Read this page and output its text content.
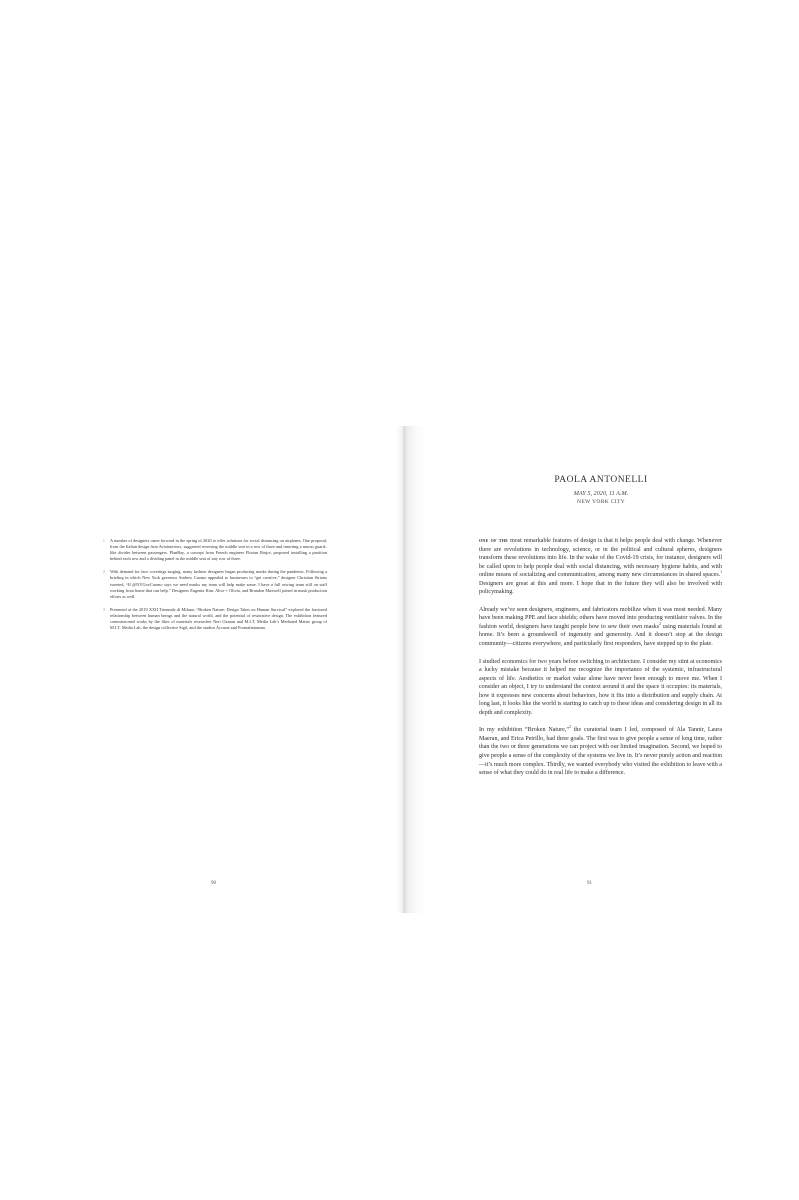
1 A number of designers came forward in the spring of 2020 to offer solutions for social distancing on airplanes. One proposal, from the Italian design firm Aviointeriors, suggested reversing the middle seat in a row of three and inserting a mucus guard–like divider between passengers. PlanBay, a concept from French engineer Florian Barjot, proposed installing a partition behind each row and a dividing panel in the middle seat of any row of three.
2 With demand for face coverings surging, many fashion designers began producing masks during the pandemic. Following a briefing in which New York governor Andrew Cuomo appealed to businesses to “get creative,” designer Christian Siriano tweeted, “If @NYGovCuomo says we need masks my team will help make some. I have a full sewing team still on staff working from home that can help.” Designers Eugenia Kim, Alice + Olivia, and Brandon Maxwell joined in mask production efforts as well.
3 Presented at the 2019 XXII Triennale di Milano, “Broken Nature: Design Takes on Human Survival” explored the fractured relationship between human beings and the natural world, and the potential of restorative design. The exhibition featured commissioned works by the likes of materials researcher Neri Oxman and M.I.T. Media Lab’s Mediated Matter group of M.I.T. Media Lab, the design collective Sigil, and the studios Accurat and Formafantasma.
90
PAOLA ANTONELLI
MAY 5, 2020, 11 A.M.
NEW YORK CITY

one of the most remarkable features of design is that it helps people deal with change. Whenever there are revolutions in technology, science, or in the political and cultural spheres, designers transform these revolutions into life. In the wake of the Covid-19 crisis, for instance, designers will be called upon to help people deal with social distancing, with necessary hygiene habits, and with online means of socializing and communication, among many new circumstances in shared spaces.$^1$ Designers are great at this and more. I hope that in the future they will also be involved with policymaking.

Already we’ve seen designers, engineers, and fabricators mobilize when it was most needed. Many have been making PPE and face shields; others have moved into producing ventilator valves. In the fashion world, designers have taught people how to sew their own masks$^2$ using materials found at home. It’s been a groundswell of ingenuity and generosity. And it doesn’t stop at the design community—citizens everywhere, and particularly first responders, have stepped up to the plate.

I studied economics for two years before switching to architecture. I consider my stint at economics a lucky mistake because it helped me recognize the importance of the systemic, infrastructural aspects of life. Aesthetics or market value alone have never been enough to move me. When I consider an object, I try to understand the context around it and the space it occupies: its materials, how it expresses new concerns about behaviors, how it fits into a distribution and supply chain. At long last, it looks like the world is starting to catch up to these ideas and considering design in all its depth and complexity.

In my exhibition “Broken Nature,”$^3$ the curatorial team I led, composed of Ala Tannir, Laura Maeran, and Erica Petrillo, had three goals. The first was to give people a sense of long time, rather than the two or three generations we can project with our limited imagination. Second, we hoped to give people a sense of the complexity of the systems we live in. It’s never purely action and reaction—it’s much more complex. Thirdly, we wanted everybody who visited the exhibition to leave with a sense of what they could do in real life to make a difference.

91
